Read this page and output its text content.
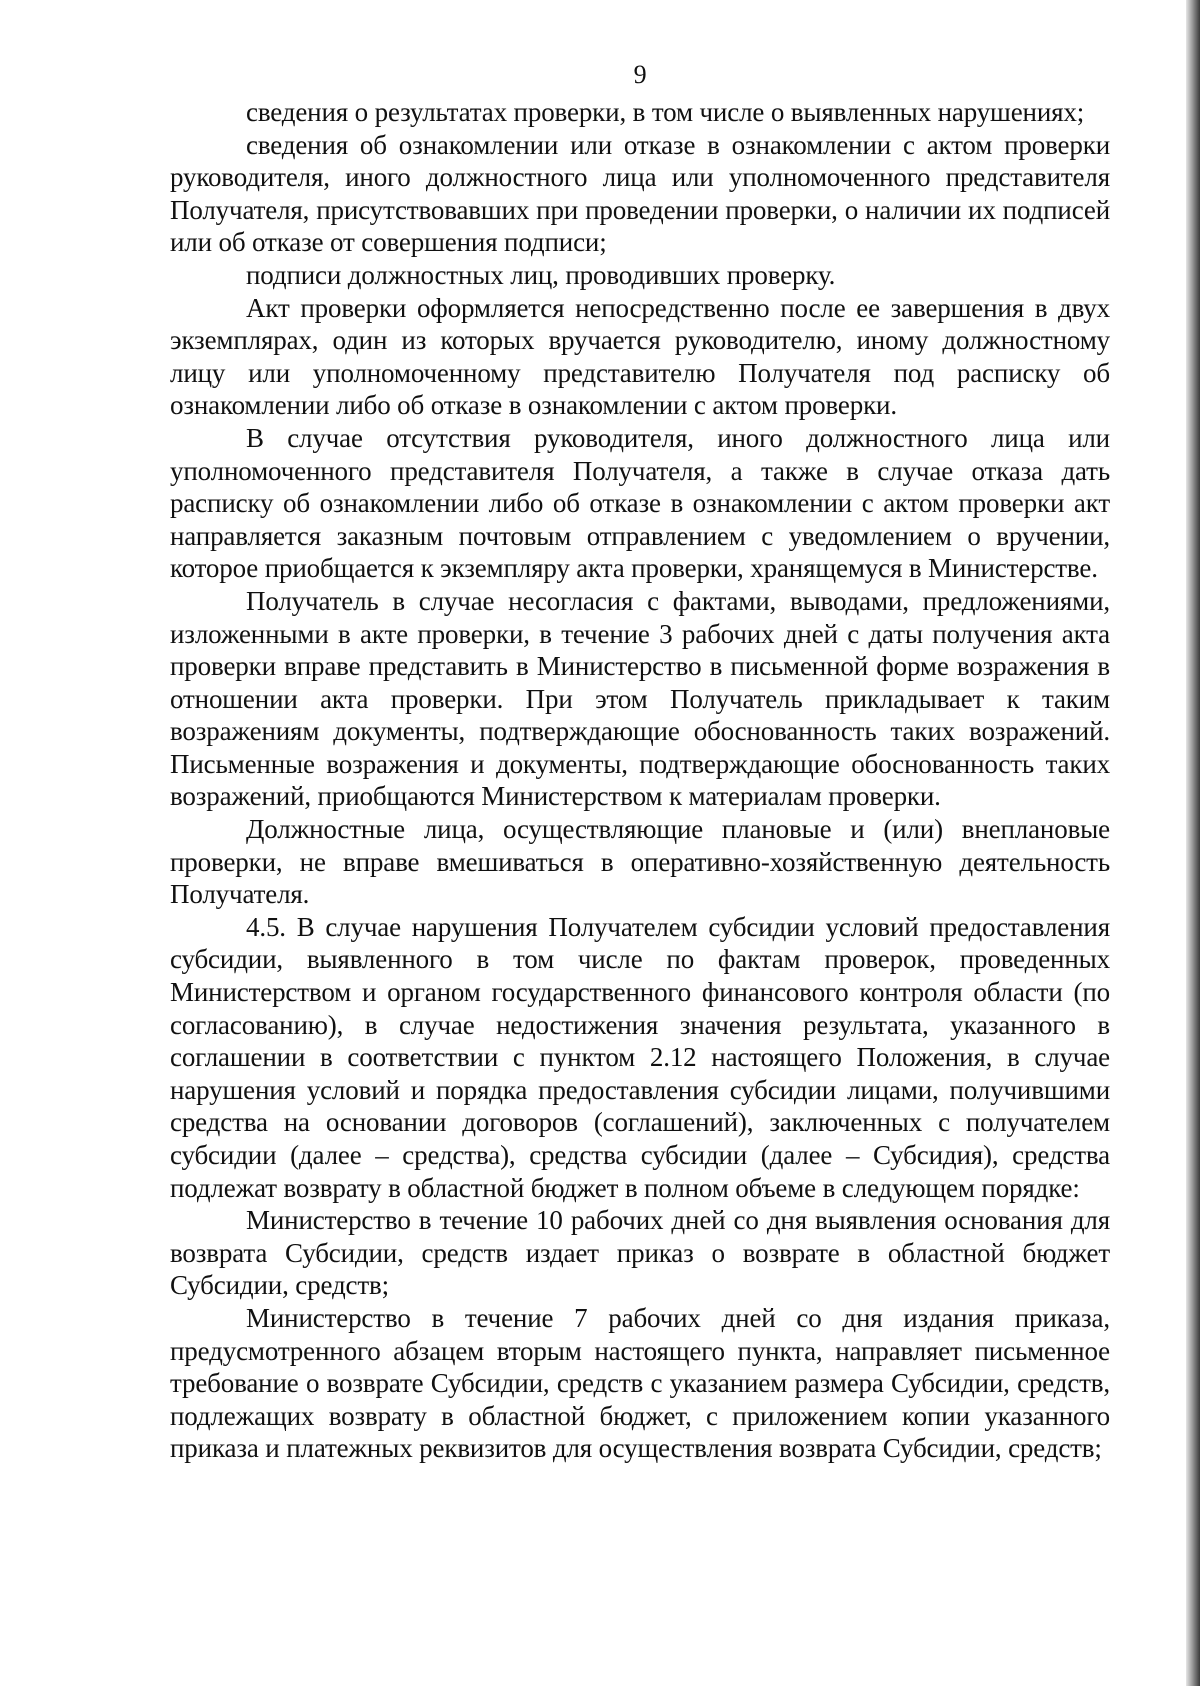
9

сведения о результатах проверки, в том числе о выявленных нарушениях;

сведения об ознакомлении или отказе в ознакомлении с актом проверки руководителя, иного должностного лица или уполномоченного представителя Получателя, присутствовавших при проведении проверки, о наличии их подписей или об отказе от совершения подписи;

подписи должностных лиц, проводивших проверку.

Акт проверки оформляется непосредственно после ее завершения в двух экземплярах, один из которых вручается руководителю, иному должностному лицу или уполномоченному представителю Получателя под расписку об ознакомлении либо об отказе в ознакомлении с актом проверки.

В случае отсутствия руководителя, иного должностного лица или уполномоченного представителя Получателя, а также в случае отказа дать расписку об ознакомлении либо об отказе в ознакомлении с актом проверки акт направляется заказным почтовым отправлением с уведомлением о вручении, которое приобщается к экземпляру акта проверки, хранящемуся в Министерстве.

Получатель в случае несогласия с фактами, выводами, предложениями, изложенными в акте проверки, в течение 3 рабочих дней с даты получения акта проверки вправе представить в Министерство в письменной форме возражения в отношении акта проверки. При этом Получатель прикладывает к таким возражениям документы, подтверждающие обоснованность таких возражений. Письменные возражения и документы, подтверждающие обоснованность таких возражений, приобщаются Министерством к материалам проверки.

Должностные лица, осуществляющие плановые и (или) внеплановые проверки, не вправе вмешиваться в оперативно-хозяйственную деятельность Получателя.

4.5. В случае нарушения Получателем субсидии условий предоставления субсидии, выявленного в том числе по фактам проверок, проведенных Министерством и органом государственного финансового контроля области (по согласованию), в случае недостижения значения результата, указанного в соглашении в соответствии с пунктом 2.12 настоящего Положения, в случае нарушения условий и порядка предоставления субсидии лицами, получившими средства на основании договоров (соглашений), заключенных с получателем субсидии (далее – средства), средства субсидии (далее – Субсидия), средства подлежат возврату в областной бюджет в полном объеме в следующем порядке:

Министерство в течение 10 рабочих дней со дня выявления основания для возврата Субсидии, средств издает приказ о возврате в областной бюджет Субсидии, средств;

Министерство в течение 7 рабочих дней со дня издания приказа, предусмотренного абзацем вторым настоящего пункта, направляет письменное требование о возврате Субсидии, средств с указанием размера Субсидии, средств, подлежащих возврату в областной бюджет, с приложением копии указанного приказа и платежных реквизитов для осуществления возврата Субсидии, средств;
